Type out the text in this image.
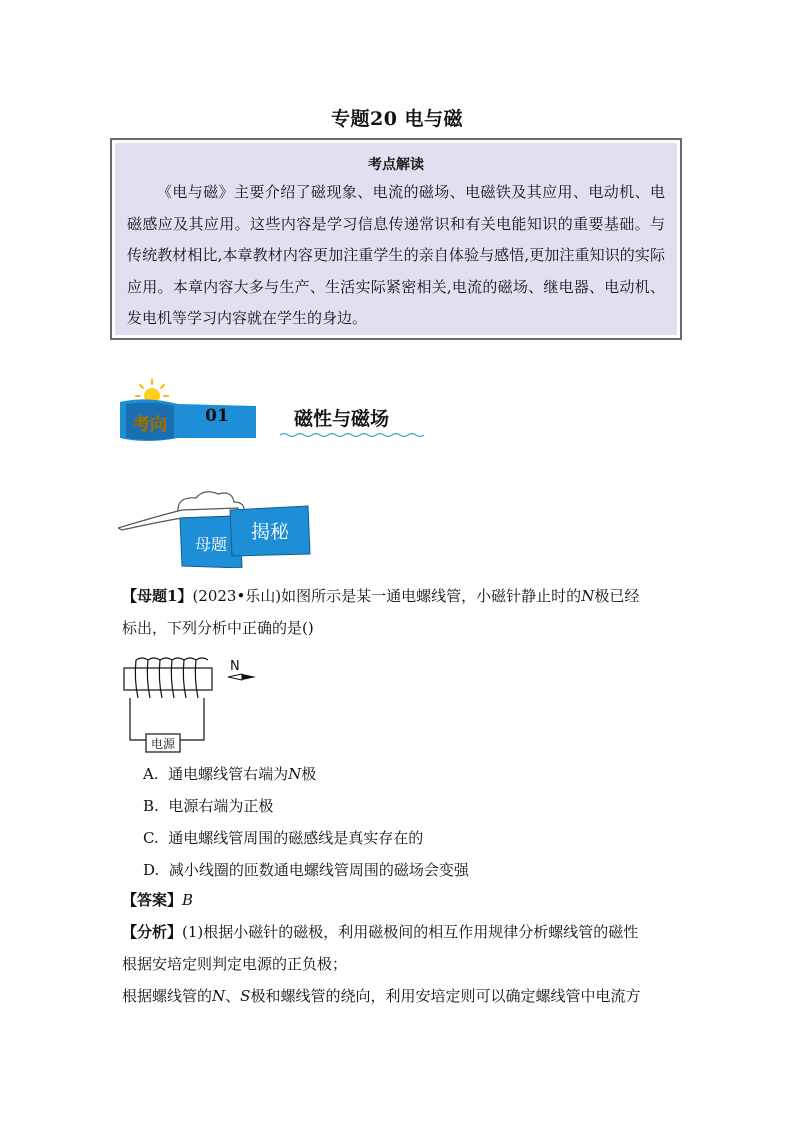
专题20 电与磁
考点解读
《电与磁》主要介绍了磁现象、电流的磁场、电磁铁及其应用、电动机、电磁感应及其应用。这些内容是学习信息传递常识和有关电能知识的重要基础。与传统教材相比,本章教材内容更加注重学生的亲自体验与感悟,更加注重知识的实际应用。本章内容大多与生产、生活实际紧密相关,电流的磁场、继电器、电动机、发电机等学习内容就在学生的身边。
考向 01	磁性与磁场
母题
揭秘
【母题1】(2023•乐山)如图所示是某一通电螺线管，小磁针静止时的N极已经
标出，下列分析中正确的是()
电源
N
A. 通电螺线管右端为N极
B. 电源右端为正极
C. 通电螺线管周围的磁感线是真实存在的
D. 减小线圈的匝数通电螺线管周围的磁场会变强
【答案】B
【分析】(1)根据小磁针的磁极，利用磁极间的相互作用规律分析螺线管的磁性
根据安培定则判定电源的正负极；
根据螺线管的N、S极和螺线管的绕向，利用安培定则可以确定螺线管中电流方
